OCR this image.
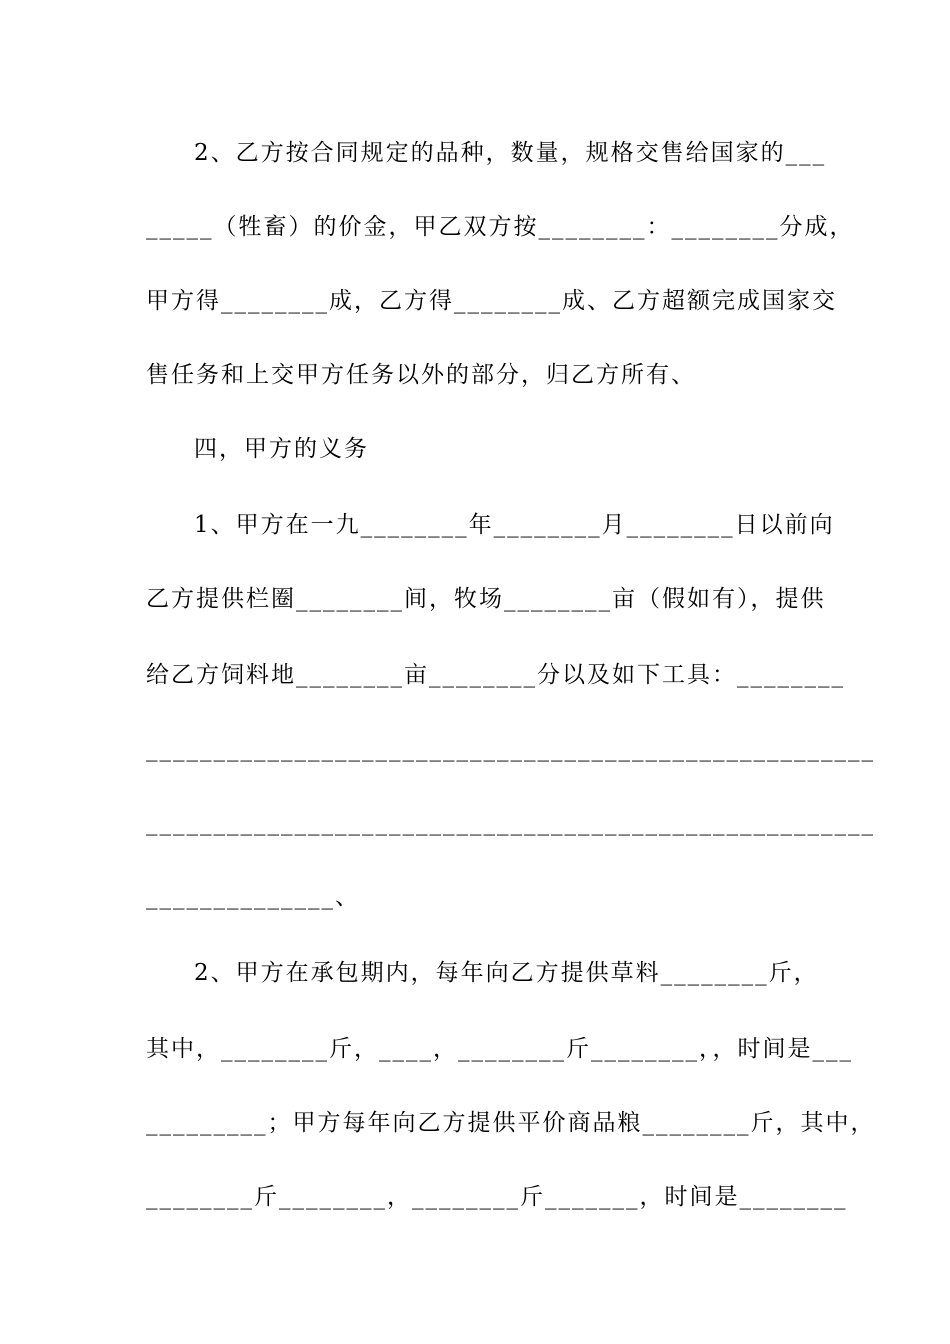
2、乙方按合同规定的品种，数量，规格交售给国家的___
_____（牲畜）的价金，甲乙双方按________：________分成，
甲方得________成，乙方得________成、乙方超额完成国家交
售任务和上交甲方任务以外的部分，归乙方所有、
四，甲方的义务
1、甲方在一九________年________月________日以前向
乙方提供栏圈________间，牧场________亩（假如有），提供
给乙方饲料地________亩________分以及如下工具：________
______________________________________________________
______________________________________________________
______________、
2、甲方在承包期内，每年向乙方提供草料________斤，
其中，________斤，____，________斤________，，时间是___
_________；甲方每年向乙方提供平价商品粮________斤，其中，
________斤________，________斤_______，时间是________
